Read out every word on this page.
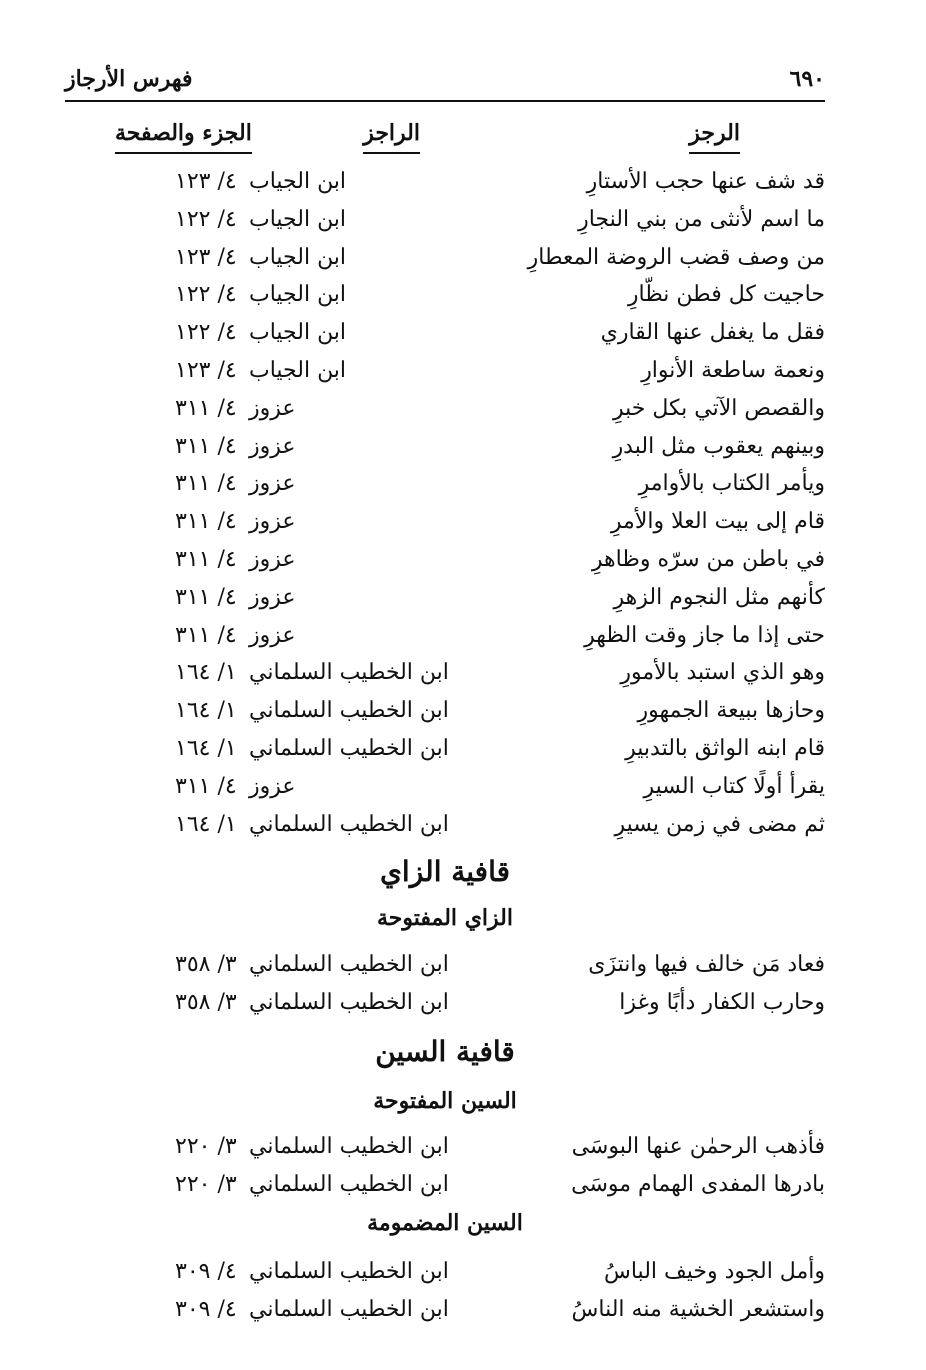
٦٩٠
فهرس الأرجاز
الرجز
الراجز
الجزء والصفحة
قد شف عنها حجب الأستارِ
ابن الجياب
٤/ ١٢٣
ما اسم لأنثى من بني النجارِ
ابن الجياب
٤/ ١٢٢
من وصف قضب الروضة المعطارِ
ابن الجياب
٤/ ١٢٣
حاجيت كل فطن نظّارِ
ابن الجياب
٤/ ١٢٢
فقل ما يغفل عنها القاري
ابن الجياب
٤/ ١٢٢
ونعمة ساطعة الأنوارِ
ابن الجياب
٤/ ١٢٣
والقصص الآتي بكل خبرِ
عزوز
٤/ ٣١١
وبينهم يعقوب مثل البدرِ
عزوز
٤/ ٣١١
ويأمر الكتاب بالأوامرِ
عزوز
٤/ ٣١١
قام إلى بيت العلا والأمرِ
عزوز
٤/ ٣١١
في باطن من سرّه وظاهرِ
عزوز
٤/ ٣١١
كأنهم مثل النجوم الزهرِ
عزوز
٤/ ٣١١
حتى إذا ما جاز وقت الظهرِ
عزوز
٤/ ٣١١
وهو الذي استبد بالأمورِ
ابن الخطيب السلماني
١/ ١٦٤
وحازها ببيعة الجمهورِ
ابن الخطيب السلماني
١/ ١٦٤
قام ابنه الواثق بالتدبيرِ
ابن الخطيب السلماني
١/ ١٦٤
يقرأ أولًا كتاب السيرِ
عزوز
٤/ ٣١١
ثم مضى في زمن يسيرِ
ابن الخطيب السلماني
١/ ١٦٤
قافية الزاي
الزاي المفتوحة
فعاد مَن خالف فيها وانتزَى
ابن الخطيب السلماني
٣/ ٣٥٨
وحارب الكفار دأبًا وغزا
ابن الخطيب السلماني
٣/ ٣٥٨
قافية السين
السين المفتوحة
فأذهب الرحمٰن عنها البوسَى
ابن الخطيب السلماني
٣/ ٢٢٠
بادرها المفدى الهمام موسَى
ابن الخطيب السلماني
٣/ ٢٢٠
السين المضمومة
وأمل الجود وخيف الباسُ
ابن الخطيب السلماني
٤/ ٣٠٩
واستشعر الخشية منه الناسُ
ابن الخطيب السلماني
٤/ ٣٠٩
